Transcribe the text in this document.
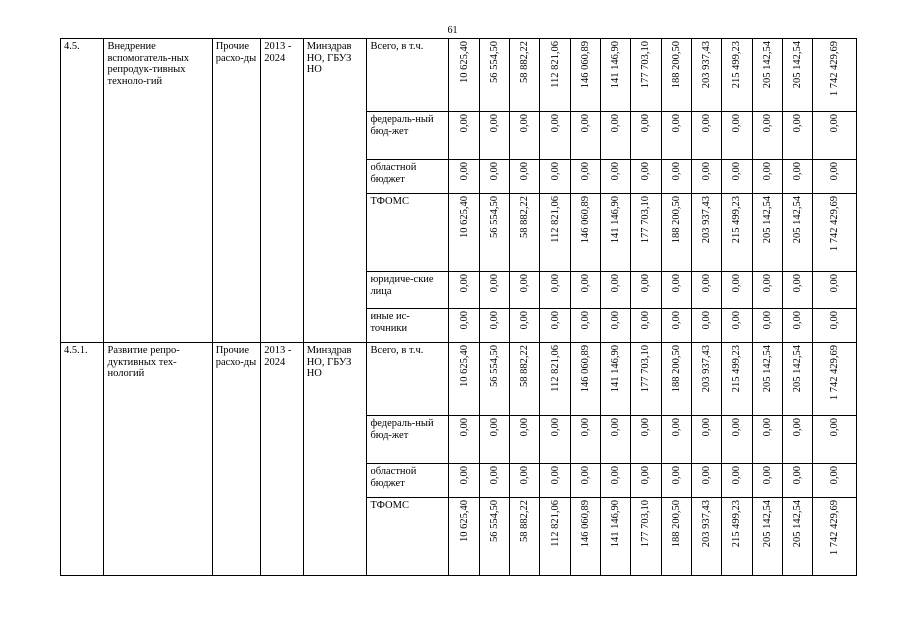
61
4.5.	Внедрение вспомогатель-ных репродук-тивных техноло-гий	Прочие расхо-ды	2013 - 2024	Минздрав НО, ГБУЗ НО	Всего, в т.ч.	10 625,40	56 554,50	58 882,22	112 821,06	146 060,89	141 146,90	177 703,10	188 200,50	203 937,43	215 499,23	205 142,54	205 142,54	1 742 429,69

					федераль-ный бюд-жет	0,00	0,00	0,00	0,00	0,00	0,00	0,00	0,00	0,00	0,00	0,00	0,00	0,00

					областной бюджет	0,00	0,00	0,00	0,00	0,00	0,00	0,00	0,00	0,00	0,00	0,00	0,00	0,00

					ТФОМС	10 625,40	56 554,50	58 882,22	112 821,06	146 060,89	141 146,90	177 703,10	188 200,50	203 937,43	215 499,23	205 142,54	205 142,54	1 742 429,69

					юридиче-ские лица	0,00	0,00	0,00	0,00	0,00	0,00	0,00	0,00	0,00	0,00	0,00	0,00	0,00

					иные ис-точники	0,00	0,00	0,00	0,00	0,00	0,00	0,00	0,00	0,00	0,00	0,00	0,00	0,00
4.5.1.	Развитие репро-дуктивных тех-нологий	Прочие расхо-ды	2013 - 2024	Минздрав НО, ГБУЗ НО	Всего, в т.ч.	10 625,40	56 554,50	58 882,22	112 821,06	146 060,89	141 146,90	177 703,10	188 200,50	203 937,43	215 499,23	205 142,54	205 142,54	1 742 429,69

					федераль-ный бюд-жет	0,00	0,00	0,00	0,00	0,00	0,00	0,00	0,00	0,00	0,00	0,00	0,00	0,00

					областной бюджет	0,00	0,00	0,00	0,00	0,00	0,00	0,00	0,00	0,00	0,00	0,00	0,00	0,00

					ТФОМС	10 625,40	56 554,50	58 882,22	112 821,06	146 060,89	141 146,90	177 703,10	188 200,50	203 937,43	215 499,23	205 142,54	205 142,54	1 742 429,69
